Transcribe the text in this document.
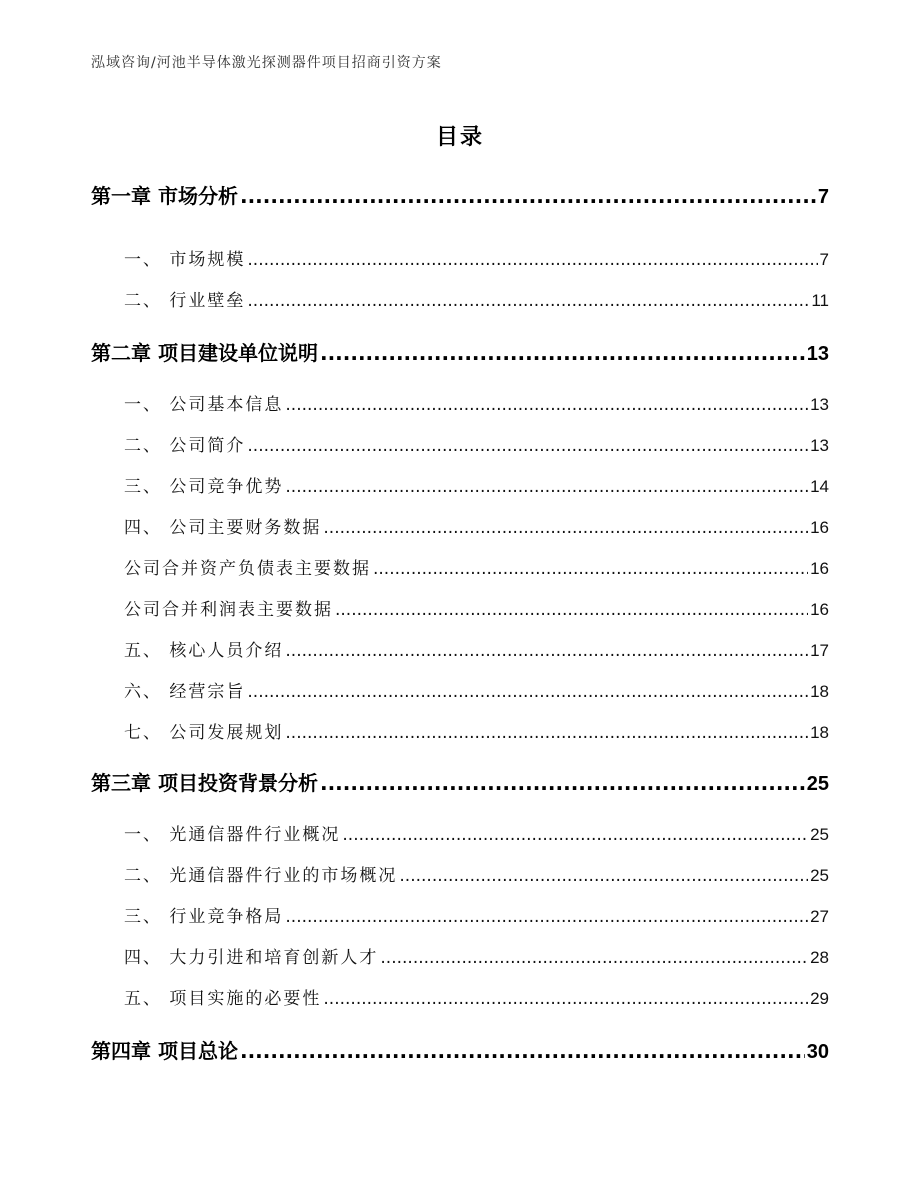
泓域咨询/河池半导体激光探测器件项目招商引资方案
目录
第一章 市场分析 .....	7
一、 市场规模 .....	7
二、 行业壁垒 .....	11
第二章 项目建设单位说明 .....	13
一、 公司基本信息 .....	13
二、 公司简介 .....	13
三、 公司竞争优势 .....	14
四、 公司主要财务数据 .....	16
公司合并资产负债表主要数据 .....	16
公司合并利润表主要数据 .....	16
五、 核心人员介绍 .....	17
六、 经营宗旨 .....	18
七、 公司发展规划 .....	18
第三章 项目投资背景分析 .....	25
一、 光通信器件行业概况 .....	25
二、 光通信器件行业的市场概况 .....	25
三、 行业竞争格局 .....	27
四、 大力引进和培育创新人才 .....	28
五、 项目实施的必要性 .....	29
第四章 项目总论 .....	30
